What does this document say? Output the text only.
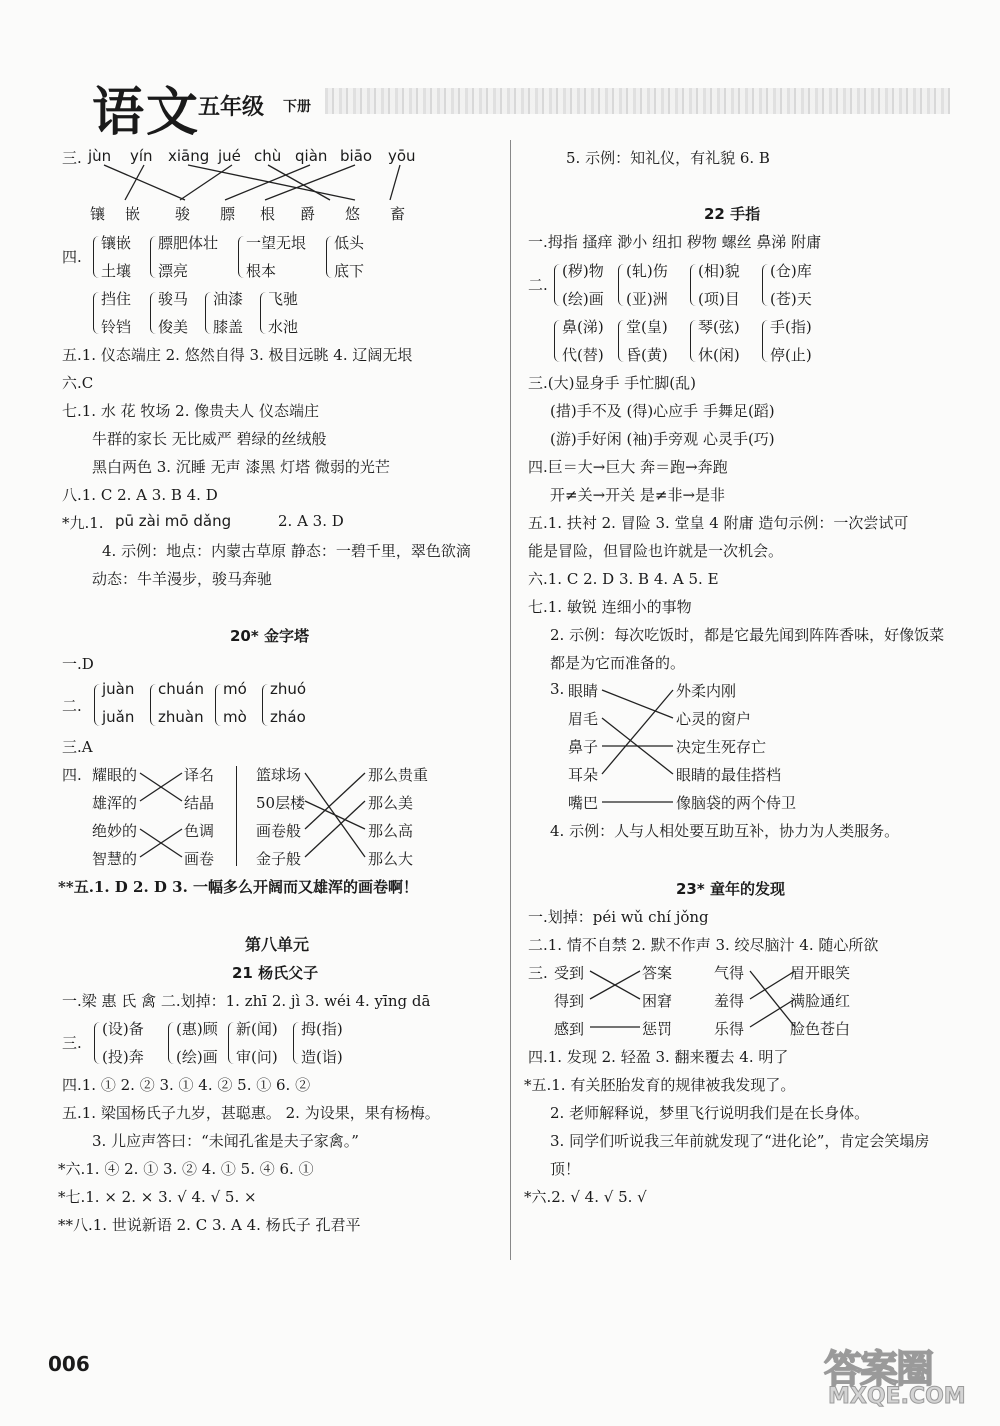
语文
五年级 下册
三. jùn yín xiāng jué chù qiàn biāo yōu
镶 嵌 骏 膘 根 爵 悠 畜
四.
镶嵌
土壤
膘肥体壮
漂亮
一望无垠
根本
低头
底下
挡住
铃铛
骏马
俊美
油漆
膝盖
飞驰
水池
五.1. 仪态端庄 2. 悠然自得 3. 极目远眺 4. 辽阔无垠
六.C
七.1. 水 花 牧场 2. 像贵夫人 仪态端庄
牛群的家长 无比威严 碧绿的丝绒般
黑白两色 3. 沉睡 无声 漆黑 灯塔 微弱的光芒
八.1. C 2. A 3. B 4. D
*九.1. pū zài mō dǎng	2. A 3. D
4. 示例：地点：内蒙古草原 静态：一碧千里，翠色欲滴
动态：牛羊漫步，骏马奔驰
20* 金字塔
一.D
二.
juàn
juǎn
chuán
zhuàn
mó
mò
zhuó
zháo
三.A
四. 耀眼的
雄浑的
绝妙的
智慧的
译名
结晶
色调
画卷
篮球场
50层楼
画卷般
金子般
那么贵重
那么美
那么高
那么大
**五.1. D 2. D 3. 一幅多么开阔而又雄浑的画卷啊！
第八单元
21 杨氏父子
一.梁 惠 氏 禽 二.划掉：1. zhī 2. jì 3. wéi 4. yīng dā
三.
(设)备
(投)奔
(惠)顾
(绘)画
新(闻)
审(问)
拇(指)
造(诣)
四.1. ① 2. ② 3. ① 4. ② 5. ① 6. ②
五.1. 梁国杨氏子九岁，甚聪惠。 2. 为设果，果有杨梅。
3. 儿应声答曰：“未闻孔雀是夫子家禽。”
*六.1. ④ 2. ① 3. ② 4. ① 5. ④ 6. ①
*七.1. × 2. × 3. √ 4. √ 5. ×
**八.1. 世说新语 2. C 3. A 4. 杨氏子 孔君平
5. 示例：知礼仪，有礼貌 6. B
22 手指
一.拇指 搔痒 渺小 纽扣 秽物 螺丝 鼻涕 附庸
二.
(秽)物
(绘)画
(轧)伤
(亚)洲
(相)貌
(项)目
(仓)库
(苍)天
鼻(涕)
代(替)
堂(皇)
昏(黄)
琴(弦)
休(闲)
手(指)
停(止)
三.(大)显身手 手忙脚(乱)
(措)手不及 (得)心应手 手舞足(蹈)
(游)手好闲 (袖)手旁观 心灵手(巧)
四.巨＝大→巨大 奔＝跑→奔跑
开≠关→开关 是≠非→是非
五.1. 扶衬 2. 冒险 3. 堂皇 4 附庸 造句示例：一次尝试可
能是冒险，但冒险也许就是一次机会。
六.1. C 2. D 3. B 4. A 5. E
七.1. 敏锐 连细小的事物
2. 示例：每次吃饭时，都是它最先闻到阵阵香味，好像饭菜
都是为它而准备的。
3. 眼睛
眉毛
鼻子
耳朵
嘴巴
外柔内刚
心灵的窗户
决定生死存亡
眼睛的最佳搭档
像脑袋的两个侍卫
4. 示例：人与人相处要互助互补，协力为人类服务。
23* 童年的发现
一.划掉：péi wǔ chí jǒng
二.1. 情不自禁 2. 默不作声 3. 绞尽脑汁 4. 随心所欲
三. 受到
得到
感到
答案
困窘
惩罚
气得
羞得
乐得
眉开眼笑
满脸通红
脸色苍白
四.1. 发现 2. 轻盈 3. 翻来覆去 4. 明了
*五.1. 有关胚胎发育的规律被我发现了。
2. 老师解释说，梦里飞行说明我们是在长身体。
3. 同学们听说我三年前就发现了“进化论”，肯定会笑塌房
顶！
*六.2. √ 4. √ 5. √
006	答案圈
MXQE.COM
